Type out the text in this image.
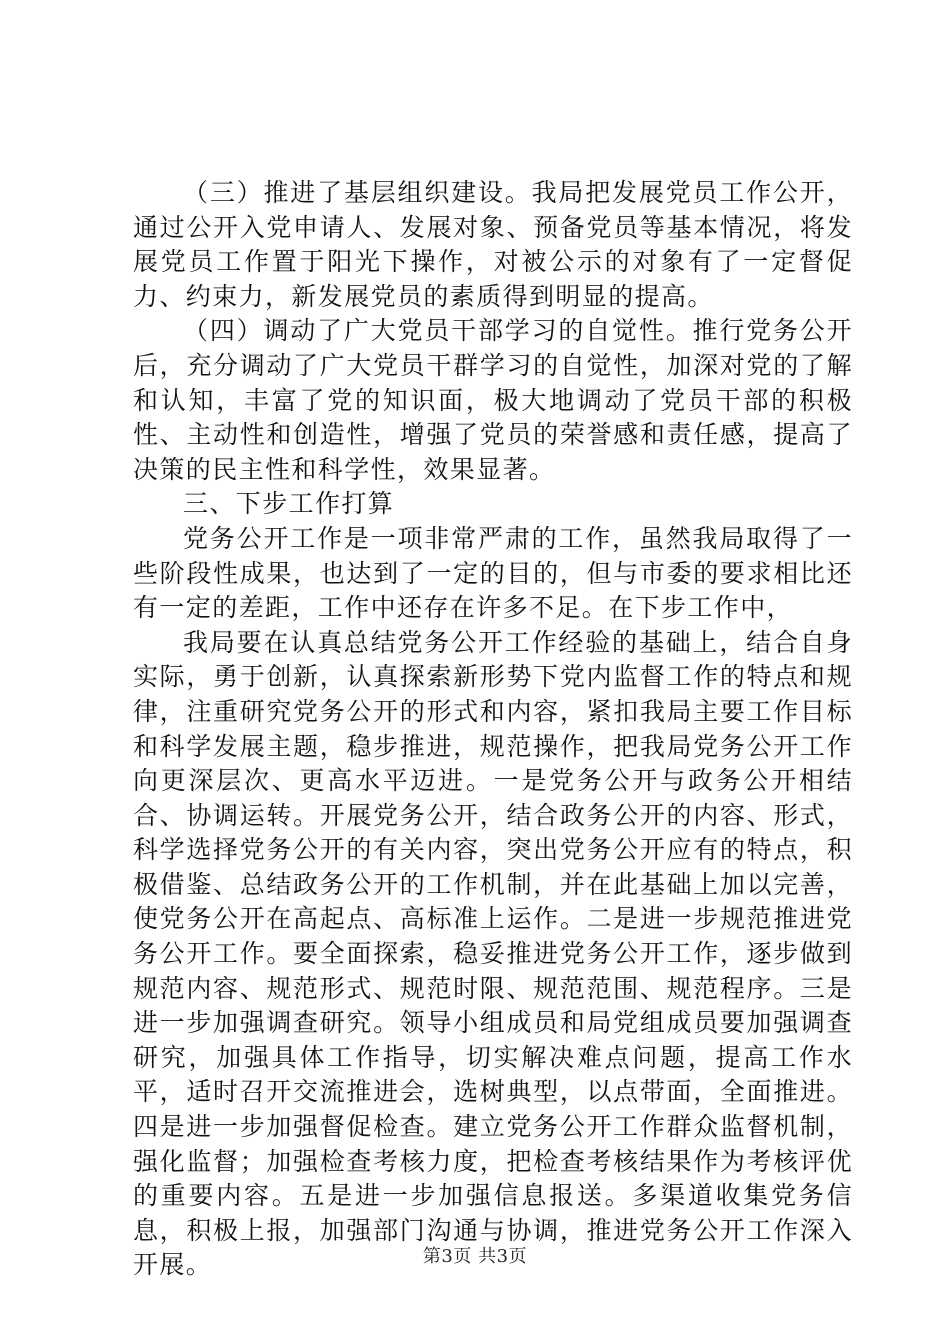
（三）推进了基层组织建设。我局把发展党员工作公开，通过公开入党申请人、发展对象、预备党员等基本情况，将发展党员工作置于阳光下操作，对被公示的对象有了一定督促力、约束力，新发展党员的素质得到明显的提高。

（四）调动了广大党员干部学习的自觉性。推行党务公开后，充分调动了广大党员干群学习的自觉性，加深对党的了解和认知，丰富了党的知识面，极大地调动了党员干部的积极性、主动性和创造性，增强了党员的荣誉感和责任感，提高了决策的民主性和科学性，效果显著。

三、下步工作打算

党务公开工作是一项非常严肃的工作，虽然我局取得了一些阶段性成果，也达到了一定的目的，但与市委的要求相比还有一定的差距，工作中还存在许多不足。在下步工作中，

我局要在认真总结党务公开工作经验的基础上，结合自身实际，勇于创新，认真探索新形势下党内监督工作的特点和规律，注重研究党务公开的形式和内容，紧扣我局主要工作目标和科学发展主题，稳步推进，规范操作，把我局党务公开工作向更深层次、更高水平迈进。一是党务公开与政务公开相结合、协调运转。开展党务公开，结合政务公开的内容、形式，科学选择党务公开的有关内容，突出党务公开应有的特点，积极借鉴、总结政务公开的工作机制，并在此基础上加以完善，使党务公开在高起点、高标准上运作。二是进一步规范推进党务公开工作。要全面探索，稳妥推进党务公开工作，逐步做到规范内容、规范形式、规范时限、规范范围、规范程序。三是进一步加强调查研究。领导小组成员和局党组成员要加强调查研究，加强具体工作指导，切实解决难点问题，提高工作水平，适时召开交流推进会，选树典型，以点带面，全面推进。四是进一步加强督促检查。建立党务公开工作群众监督机制，强化监督；加强检查考核力度，把检查考核结果作为考核评优的重要内容。五是进一步加强信息报送。多渠道收集党务信息，积极上报，加强部门沟通与协调，推进党务公开工作深入开展。	第3页 共3页
